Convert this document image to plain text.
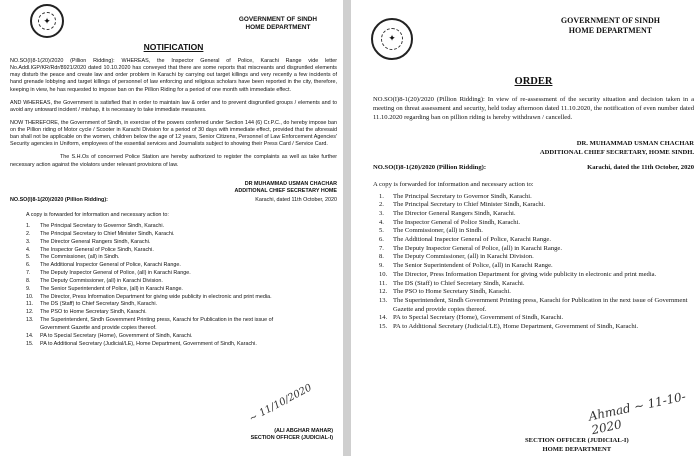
✦	GOVERNMENT OF SINDH
HOME DEPARTMENT
NOTIFICATION

NO.SO(I)8-1(20)/2020 (Pillion Ridding): WHEREAS, the Inspector General of Police, Karachi Range vide letter No.Addl.IGP/KR/Rdr/8921/2020 dated 10.10.2020 has conveyed that there are some reports that miscreants and disgruntled elements may disturb the peace and create law and order problem in Karachi by carrying out target killings and very recently a few incidents of hand grenade lobbying and target killings of personnel of law enforcing and religious scholars have been reported in the city, therefore, keeping in view, he has requested to impose ban on the Pillion Riding for a period of one month with immediate effect.

AND WHEREAS, the Government is satisfied that in order to maintain law & order and to prevent disgruntled groups / elements and to avoid any untoward incident / mishap, it is necessary to take immediate measures.

NOW THEREFORE, the Government of Sindh, in exercise of the powers conferred under Section 144 (6) Cr.P.C., do hereby impose ban on the Pillion riding of Motor cycle / Scooter in Karachi Division for a period of 30 days with immediate effect, provided that the aforesaid ban shall not be applicable on the women, children below the age of 12 years, Senior Citizens, Personnel of Law Enforcement Agencies' Security agencies in Uniform, employees of the essential services and Journalists subject to showing their Press Card / Service Card.

The S.H.Os of concerned Police Station are hereby authorized to register the complaints as well as take further necessary action against the violators under relevant provisions of law.

DR MUHAMMAD USMAN CHACHAR
ADDITIONAL CHIEF SECRETARY HOME
NO.SO(I)8-1(20)/2020 (Pillion Ridding):	Karachi, dated 11th October, 2020

A copy is forwarded for information and necessary action to:

1.	The Principal Secretary to Governor Sindh, Karachi.
2.	The Principal Secretary to Chief Minister Sindh, Karachi.
3.	The Director General Rangers Sindh, Karachi.
4.	The Inspector General of Police Sindh, Karachi.
5.	The Commissioner, (all) in Sindh.
6.	The Additional Inspector General of Police, Karachi Range.
7.	The Deputy Inspector General of Police, (all) in Karachi Range.
8.	The Deputy Commissioner, (all) in Karachi Division.
9.	The Senior Superintendent of Police, (all) in Karachi Range.
10.	The Director, Press Information Department for giving wide publicity in electronic and print media.
11.	The DS (Staff) to Chief Secretary Sindh, Karachi.
12.	The PSO to Home Secretary Sindh, Karachi.
13.	The Superintendent, Sindh Government Printing press, Karachi for Publication in the next issue of Government Gazette and provide copies thereof.
14.	PA to Special Secretary (Home), Government of Sindh, Karachi.
15.	PA to Additional Secretary (Judicial/LE), Home Department, Government of Sindh, Karachi.
~ 11/10/2020
(ALI ABGHAR MAHAR)
SECTION OFFICER (JUDICIAL-I)
✦
GOVERNMENT OF SINDH
HOME DEPARTMENT
ORDER

NO.SO(I)8-1(20)/2020 (Pillion Ridding): In view of re-assessment of the security situation and decision taken in a meeting on threat assessment and security, held today afternoon dated 11.10.2020, the notification of even number dated 11.10.2020 regarding ban on pillion riding is hereby withdrawn / cancelled.

DR. MUHAMMAD USMAN CHACHAR
ADDITIONAL CHIEF SECRETARY, HOME SINDH.
NO.SO(I)8-1(20)/2020 (Pillion Ridding):	Karachi, dated the 11th October, 2020

A copy is forwarded for information and necessary action to:

1.	The Principal Secretary to Governor Sindh, Karachi.
2.	The Principal Secretary to Chief Minister Sindh, Karachi.
3.	The Director General Rangers Sindh, Karachi.
4.	The Inspector General of Police Sindh, Karachi.
5.	The Commissioner, (all) in Sindh.
6.	The Additional Inspector General of Police, Karachi Range.
7.	The Deputy Inspector General of Police, (all) in Karachi Range.
8.	The Deputy Commissioner, (all) in Karachi Division.
9.	The Senior Superintendent of Police, (all) in Karachi Range.
10. The Director, Press Information Department for giving wide publicity in electronic and print media.
11. The DS (Staff) to Chief Secretary Sindh, Karachi.
12. The PSO to Home Secretary Sindh, Karachi.
13. The Superintendent, Sindh Government Printing press, Karachi for Publication in the next issue of Government Gazette and provide copies thereof.
14. PA to Special Secretary (Home), Government of Sindh, Karachi.
15. PA to Additional Secretary (Judicial/LE), Home Department, Government of Sindh, Karachi.
Ahmad ~ 11-10-2020
SECTION OFFICER (JUDICIAL-I)
HOME DEPARTMENT
